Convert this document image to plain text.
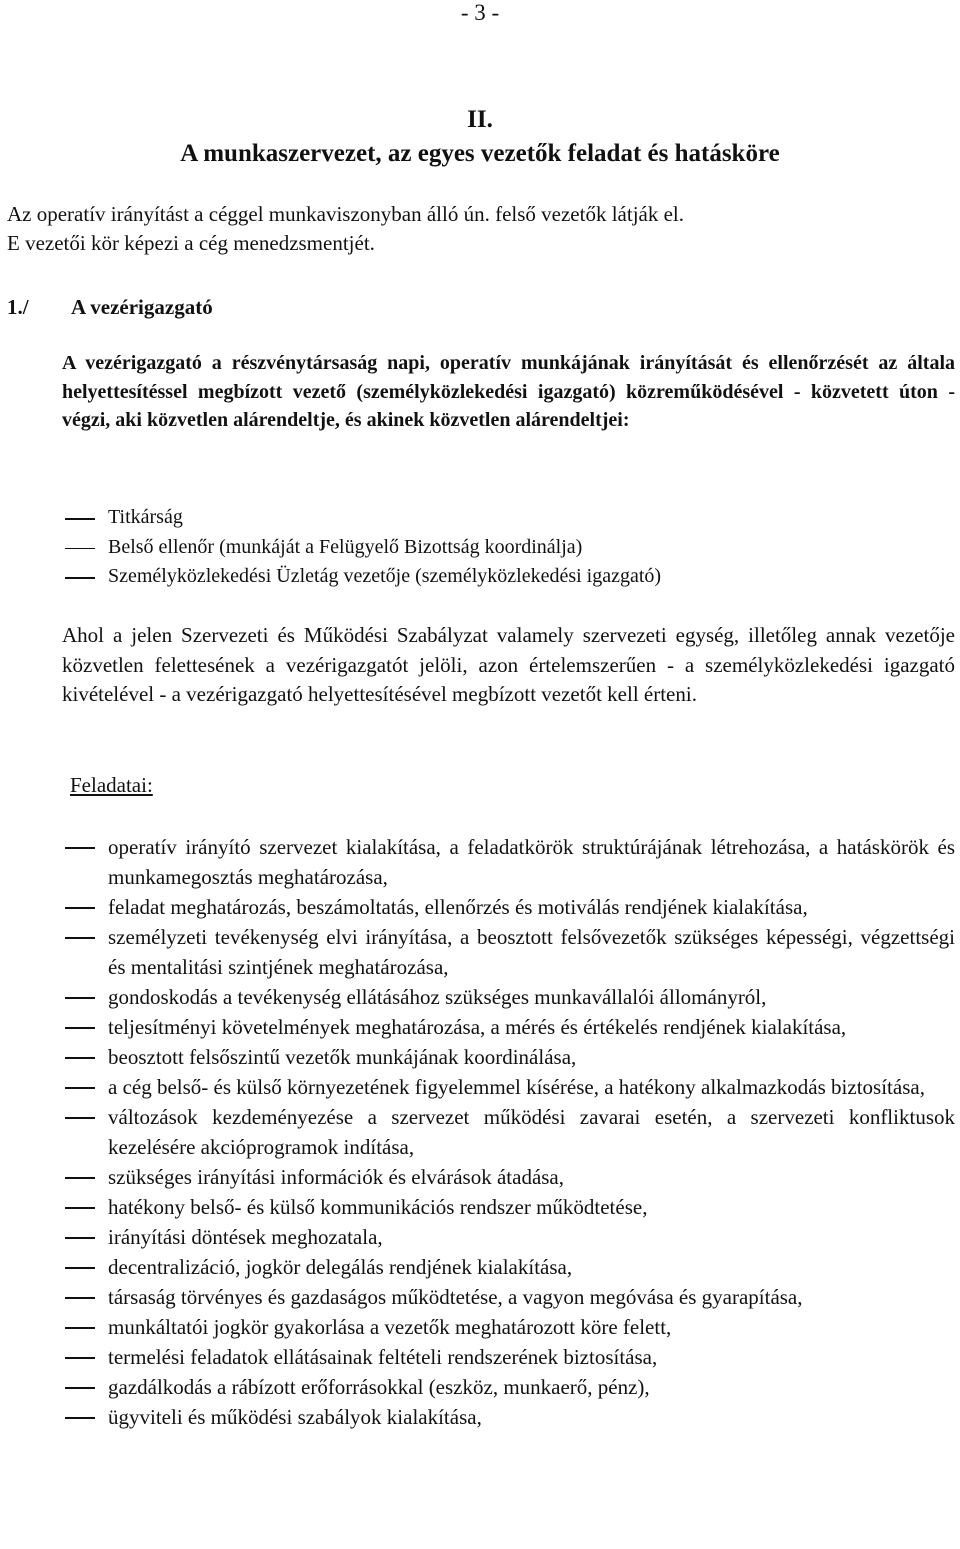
- 3 -
II.
A munkaszervezet, az egyes vezetők feladat és hatásköre
Az operatív irányítást a céggel munkaviszonyban álló ún. felső vezetők látják el.
E vezetői kör képezi a cég menedzsmentjét.
1./ A vezérigazgató
A vezérigazgató a részvénytársaság napi, operatív munkájának irányítását és ellenőrzését az általa helyettesítéssel megbízott vezető (személyközlekedési igazgató) közreműködésével - közvetett úton - végzi, aki közvetlen alárendeltje, és akinek közvetlen alárendeltjei:
Titkárság
Belső ellenőr (munkáját a Felügyelő Bizottság koordinálja)
Személyközlekedési Üzletág vezetője (személyközlekedési igazgató)
Ahol a jelen Szervezeti és Működési Szabályzat valamely szervezeti egység, illetőleg annak vezetője közvetlen felettesének a vezérigazgatót jelöli, azon értelemszerűen - a személyközlekedési igazgató kivételével - a vezérigazgató helyettesítésével megbízott vezetőt kell érteni.
Feladatai:
operatív irányító szervezet kialakítása, a feladatkörök struktúrájának létrehozása, a hatáskörök és munkamegosztás meghatározása,
feladat meghatározás, beszámoltatás, ellenőrzés és motiválás rendjének kialakítása,
személyzeti tevékenység elvi irányítása, a beosztott felsővezetők szükséges képességi, végzettségi és mentalitási szintjének meghatározása,
gondoskodás a tevékenység ellátásához szükséges munkavállalói állományról,
teljesítményi követelmények meghatározása, a mérés és értékelés rendjének kialakítása,
beosztott felsőszintű vezetők munkájának koordinálása,
a cég belső- és külső környezetének figyelemmel kísérése, a hatékony alkalmazkodás biztosítása,
változások kezdeményezése a szervezet működési zavarai esetén, a szervezeti konfliktusok kezelésére akcióprogramok indítása,
szükséges irányítási információk és elvárások átadása,
hatékony belső- és külső kommunikációs rendszer működtetése,
irányítási döntések meghozatala,
decentralizáció, jogkör delegálás rendjének kialakítása,
társaság törvényes és gazdaságos működtetése, a vagyon megóvása és gyarapítása,
munkáltatói jogkör gyakorlása a vezetők meghatározott köre felett,
termelési feladatok ellátásainak feltételi rendszerének biztosítása,
gazdálkodás a rábízott erőforrásokkal (eszköz, munkaerő, pénz),
ügyviteli és működési szabályok kialakítása,
